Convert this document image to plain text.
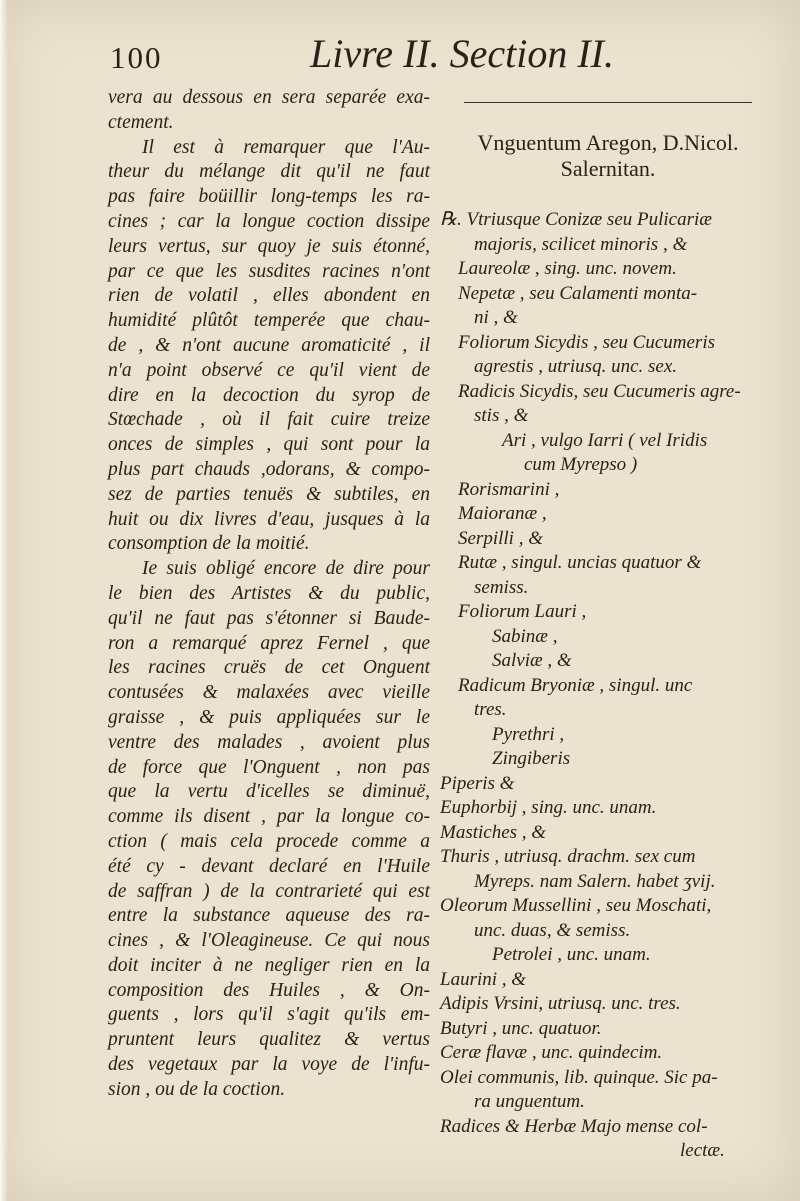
100	Livre II. Section II.
vera au dessous en sera separée exa-
ctement.
Il est à remarquer que l'Au-
theur du mélange dit qu'il ne faut
pas faire boüillir long-temps les ra-
cines ; car la longue coction dissipe
leurs vertus, sur quoy je suis étonné,
par ce que les susdites racines n'ont
rien de volatil , elles abondent en
humidité plûtôt temperée que chau-
de , & n'ont aucune aromaticité , il
n'a point observé ce qu'il vient de
dire en la decoction du syrop de
Stœchade , où il fait cuire treize
onces de simples , qui sont pour la
plus part chauds ,odorans, & compo-
sez de parties tenuës & subtiles, en
huit ou dix livres d'eau, jusques à la
consomption de la moitié.
Ie suis obligé encore de dire pour
le bien des Artistes & du public,
qu'il ne faut pas s'étonner si Baude-
ron a remarqué aprez Fernel , que
les racines cruës de cet Onguent
contusées & malaxées avec vieille
graisse , & puis appliquées sur le
ventre des malades , avoient plus
de force que l'Onguent , non pas
que la vertu d'icelles se diminuë,
comme ils disent , par la longue co-
ction ( mais cela procede comme a
été cy - devant declaré en l'Huile
de saffran ) de la contrarieté qui est
entre la substance aqueuse des ra-
cines , & l'Oleagineuse. Ce qui nous
doit inciter à ne negliger rien en la
composition des Huiles , & On-
guents , lors qu'il s'agit qu'ils em-
pruntent leurs qualitez & vertus
des vegetaux par la voye de l'infu-
sion , ou de la coction.
Vnguentum Aregon, D.Nicol.
Salernitan.
℞. Vtriusque Conizæ seu Pulicariæ
majoris, scilicet minoris , &
Laureolæ , sing. unc. novem.
Nepetæ , seu Calamenti monta-
ni , &
Foliorum Sicydis , seu Cucumeris
agrestis , utriusq. unc. sex.
Radicis Sicydis, seu Cucumeris agre-
stis , &
Ari , vulgo Iarri ( vel Iridis
cum Myrepso )
Rorismarini ,
Maioranæ ,
Serpilli , &
Rutæ , singul. uncias quatuor &
semiss.
Foliorum Lauri ,
Sabinæ ,
Salviæ , &
Radicum Bryoniæ , singul. unc
tres.
Pyrethri ,
Zingiberis
Piperis &
Euphorbij , sing. unc. unam.
Mastiches , &
Thuris , utriusq. drachm. sex cum
Myreps. nam Salern. habet ʒvij.
Oleorum Mussellini , seu Moschati,
unc. duas, & semiss.
Petrolei , unc. unam.
Laurini , &
Adipis Vrsini, utriusq. unc. tres.
Butyri , unc. quatuor.
Ceræ flavæ , unc. quindecim.
Olei communis, lib. quinque. Sic pa-
ra unguentum.
Radices & Herbæ Majo mense col-
lectæ.
